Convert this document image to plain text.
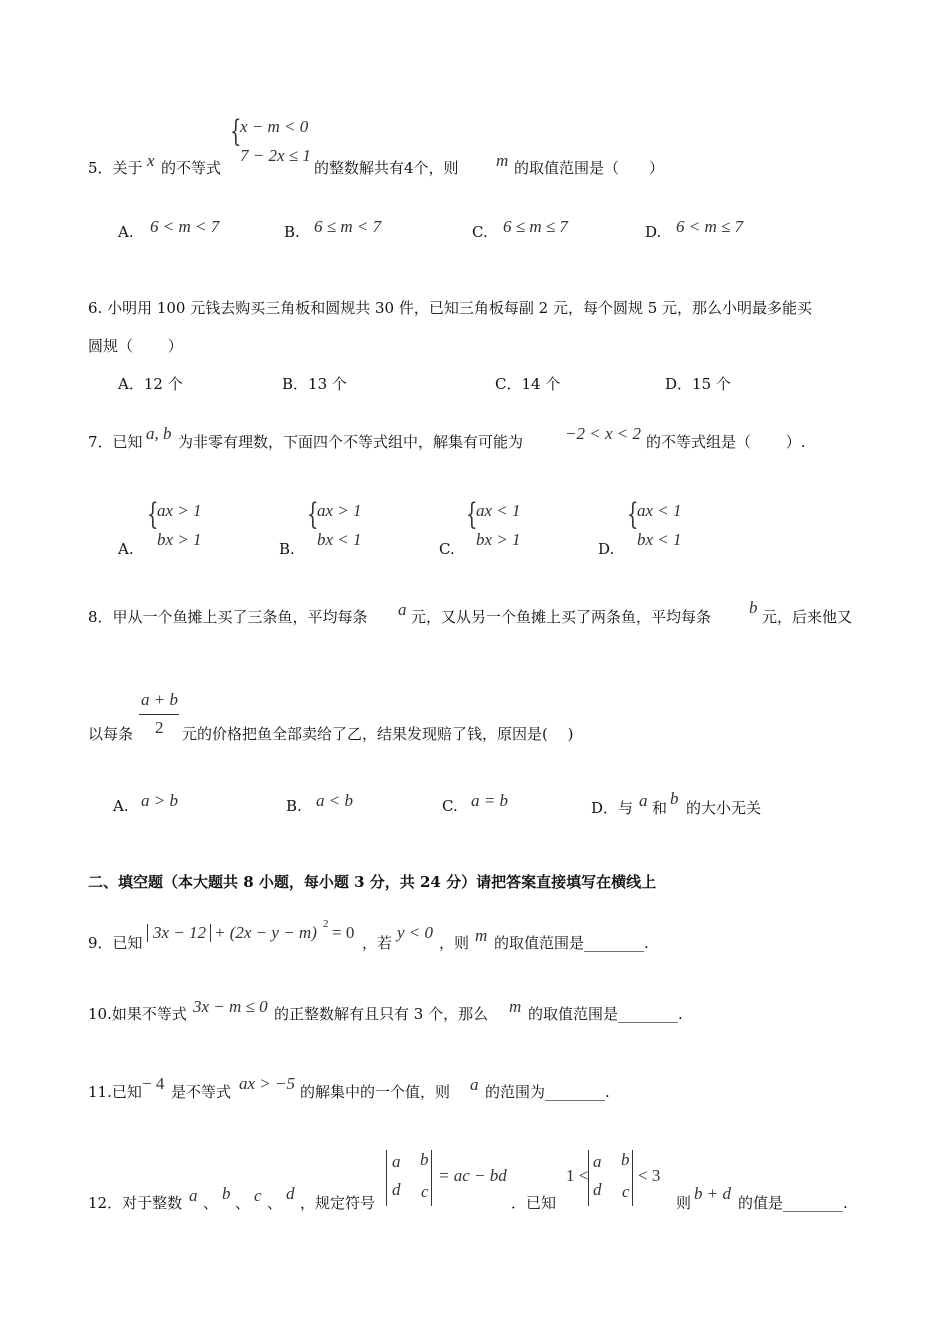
{
x − m < 0
7 − 2x ≤ 1
5．关于 x 的不等式	的整数解共有4个，则 m 的取值范围是（　　）
A. 6 < m < 7	B. 6 ≤ m < 7	C. 6 ≤ m ≤ 7	D. 6 < m ≤ 7
6. 小明用 100 元钱去购买三角板和圆规共 30 件，已知三角板每副 2 元，每个圆规 5 元，那么小明最多能买
圆规（　　 ）
A．12 个	B．13 个	C．14 个	D．15 个
7．已知 a, b 为非零有理数，下面四个不等式组中，解集有可能为 −2 < x < 2 的不等式组是（　　 ）.
A.
{
ax > 1
bx > 1	B.
{
ax > 1
bx < 1	C.
{
ax < 1
bx > 1	D.
{
ax < 1
bx < 1
8．甲从一个鱼摊上买了三条鱼，平均每条 a 元，又从另一个鱼摊上买了两条鱼，平均每条 b 元，后来他又
a + b
2
以每条	元的价格把鱼全部卖给了乙，结果发现赔了钱，原因是(　 )
A. a > b	B. a < b	C. a = b	D．与 a 和 b 的大小无关
二、填空题（本大题共 8 小题，每小题 3 分，共 24 分）请把答案直接填写在横线上
9．已知
3x − 12 + (2x − y − m) 2 = 0
，若
y < 0
，则 m 的取值范围是________.
10.如果不等式 3x − m ≤ 0 的正整数解有且只有 3 个，那么 m 的取值范围是________.
11.已知 − 4 是不等式 ax > −5 的解集中的一个值，则 a 的范围为________.
12．对于整数 a 、 b 、 c 、 d ，规定符号
a b
d c
= ac − bd
．已知
1 <
a b
d c
< 3
则 b + d 的值是________.
